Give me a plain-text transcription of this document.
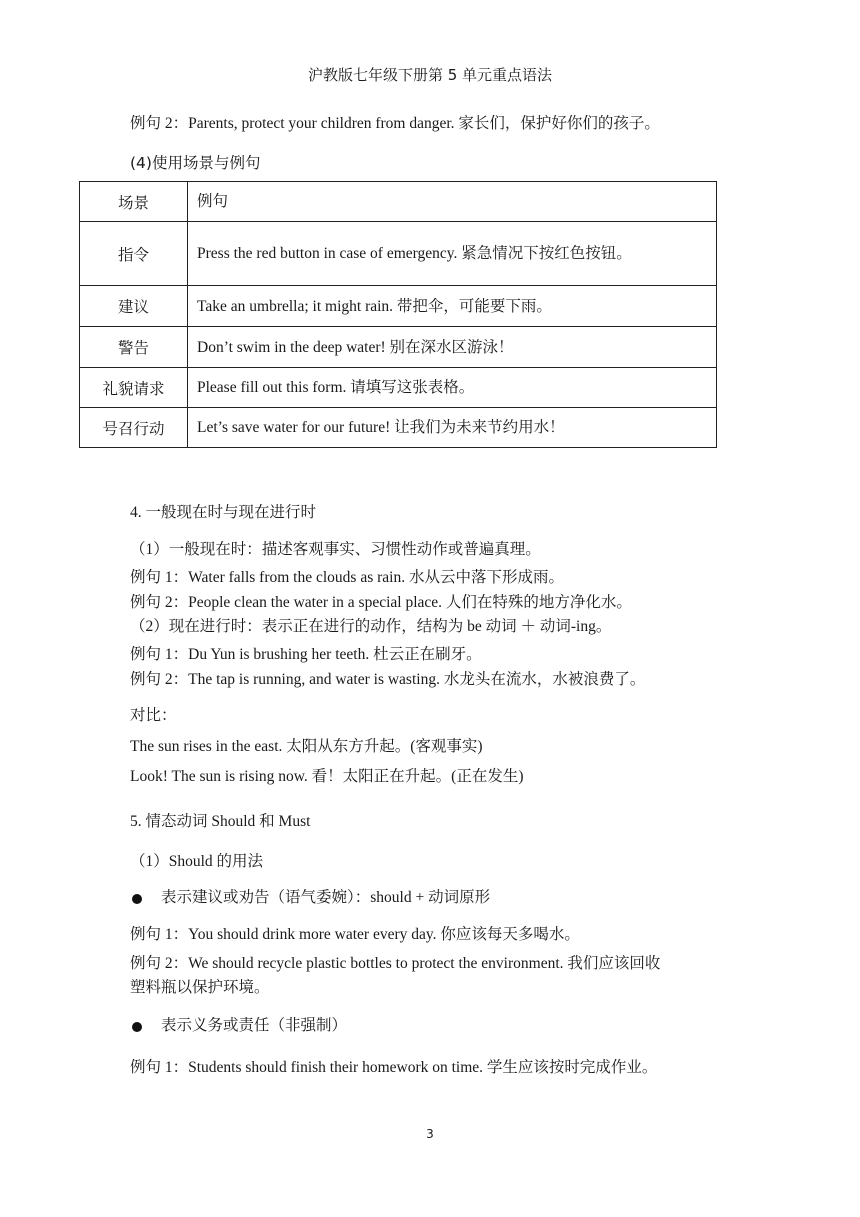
沪教版七年级下册第 5 单元重点语法
例句 2：Parents, protect your children from danger. 家长们，保护好你们的孩子。
(4)使用场景与例句
场景	例句
指令	Press the red button in case of emergency. 紧急情况下按红色按钮。
建议	Take an umbrella; it might rain. 带把伞，可能要下雨。
警告	Don’t swim in the deep water! 别在深水区游泳！
礼貌请求	Please fill out this form. 请填写这张表格。
号召行动	Let’s save water for our future! 让我们为未来节约用水！
4. 一般现在时与现在进行时
（1）一般现在时：描述客观事实、习惯性动作或普遍真理。
例句 1：Water falls from the clouds as rain. 水从云中落下形成雨。
例句 2：People clean the water in a special place. 人们在特殊的地方净化水。
（2）现在进行时：表示正在进行的动作，结构为 be 动词 ＋ 动词-ing。
例句 1：Du Yun is brushing her teeth. 杜云正在刷牙。
例句 2：The tap is running, and water is wasting. 水龙头在流水，水被浪费了。
对比：
The sun rises in the east. 太阳从东方升起。(客观事实)
Look! The sun is rising now. 看！太阳正在升起。(正在发生)
5. 情态动词 Should 和 Must
（1）Should 的用法
表示建议或劝告（语气委婉）：should + 动词原形
例句 1：You should drink more water every day. 你应该每天多喝水。
例句 2：We should recycle plastic bottles to protect the environment. 我们应该回收
塑料瓶以保护环境。
表示义务或责任（非强制）
例句 1：Students should finish their homework on time. 学生应该按时完成作业。
3
